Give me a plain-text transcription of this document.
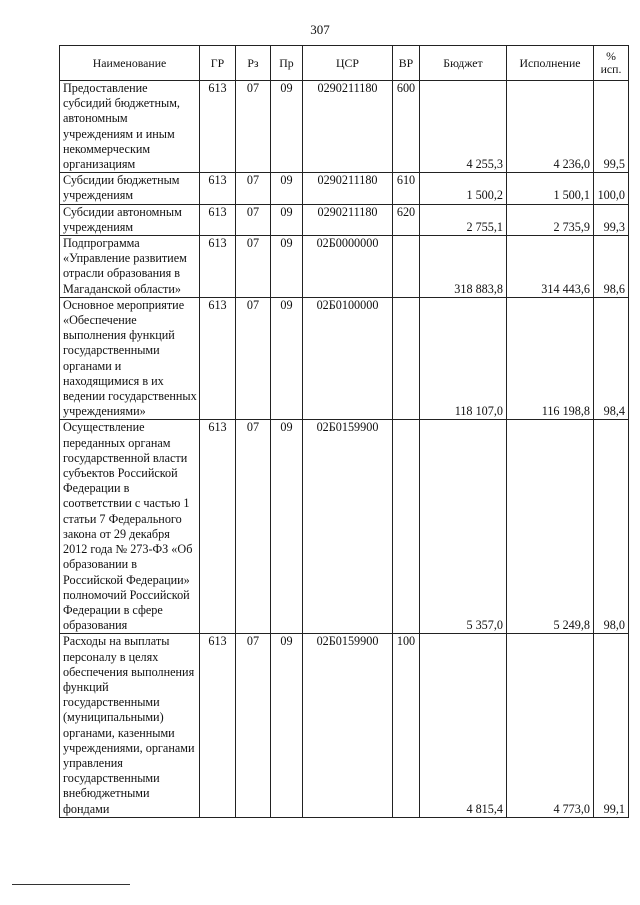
307
Наименование	ГР	Рз	Пр	ЦСР	ВР	Бюджет	Исполнение	%
исп.
Предоставление субсидий бюджетным, автономным учреждениям и иным некоммерческим организациям	613	07	09	0290211180	600	4 255,3	4 236,0	99,5
Субсидии бюджетным учреждениям	613	07	09	0290211180	610	1 500,2	1 500,1	100,0
Субсидии автономным учреждениям	613	07	09	0290211180	620	2 755,1	2 735,9	99,3
Подпрограмма «Управление развитием отрасли образования в Магаданской области»	613	07	09	02Б0000000		318 883,8	314 443,6	98,6
Основное мероприятие «Обеспечение выполнения функций государственными органами и находящимися в их ведении государственных учреждениями»	613	07	09	02Б0100000		118 107,0	116 198,8	98,4
Осуществление переданных органам государственной власти субъектов Российской Федерации в соответствии с частью 1 статьи 7 Федерального закона от 29 декабря 2012 года № 273-ФЗ «Об образовании в Российской Федерации» полномочий Российской Федерации в сфере образования	613	07	09	02Б0159900		5 357,0	5 249,8	98,0
Расходы на выплаты персоналу в целях обеспечения выполнения функций государственными (муниципальными) органами, казенными учреждениями, органами управления государственными внебюджетными фондами	613	07	09	02Б0159900	100	4 815,4	4 773,0	99,1
